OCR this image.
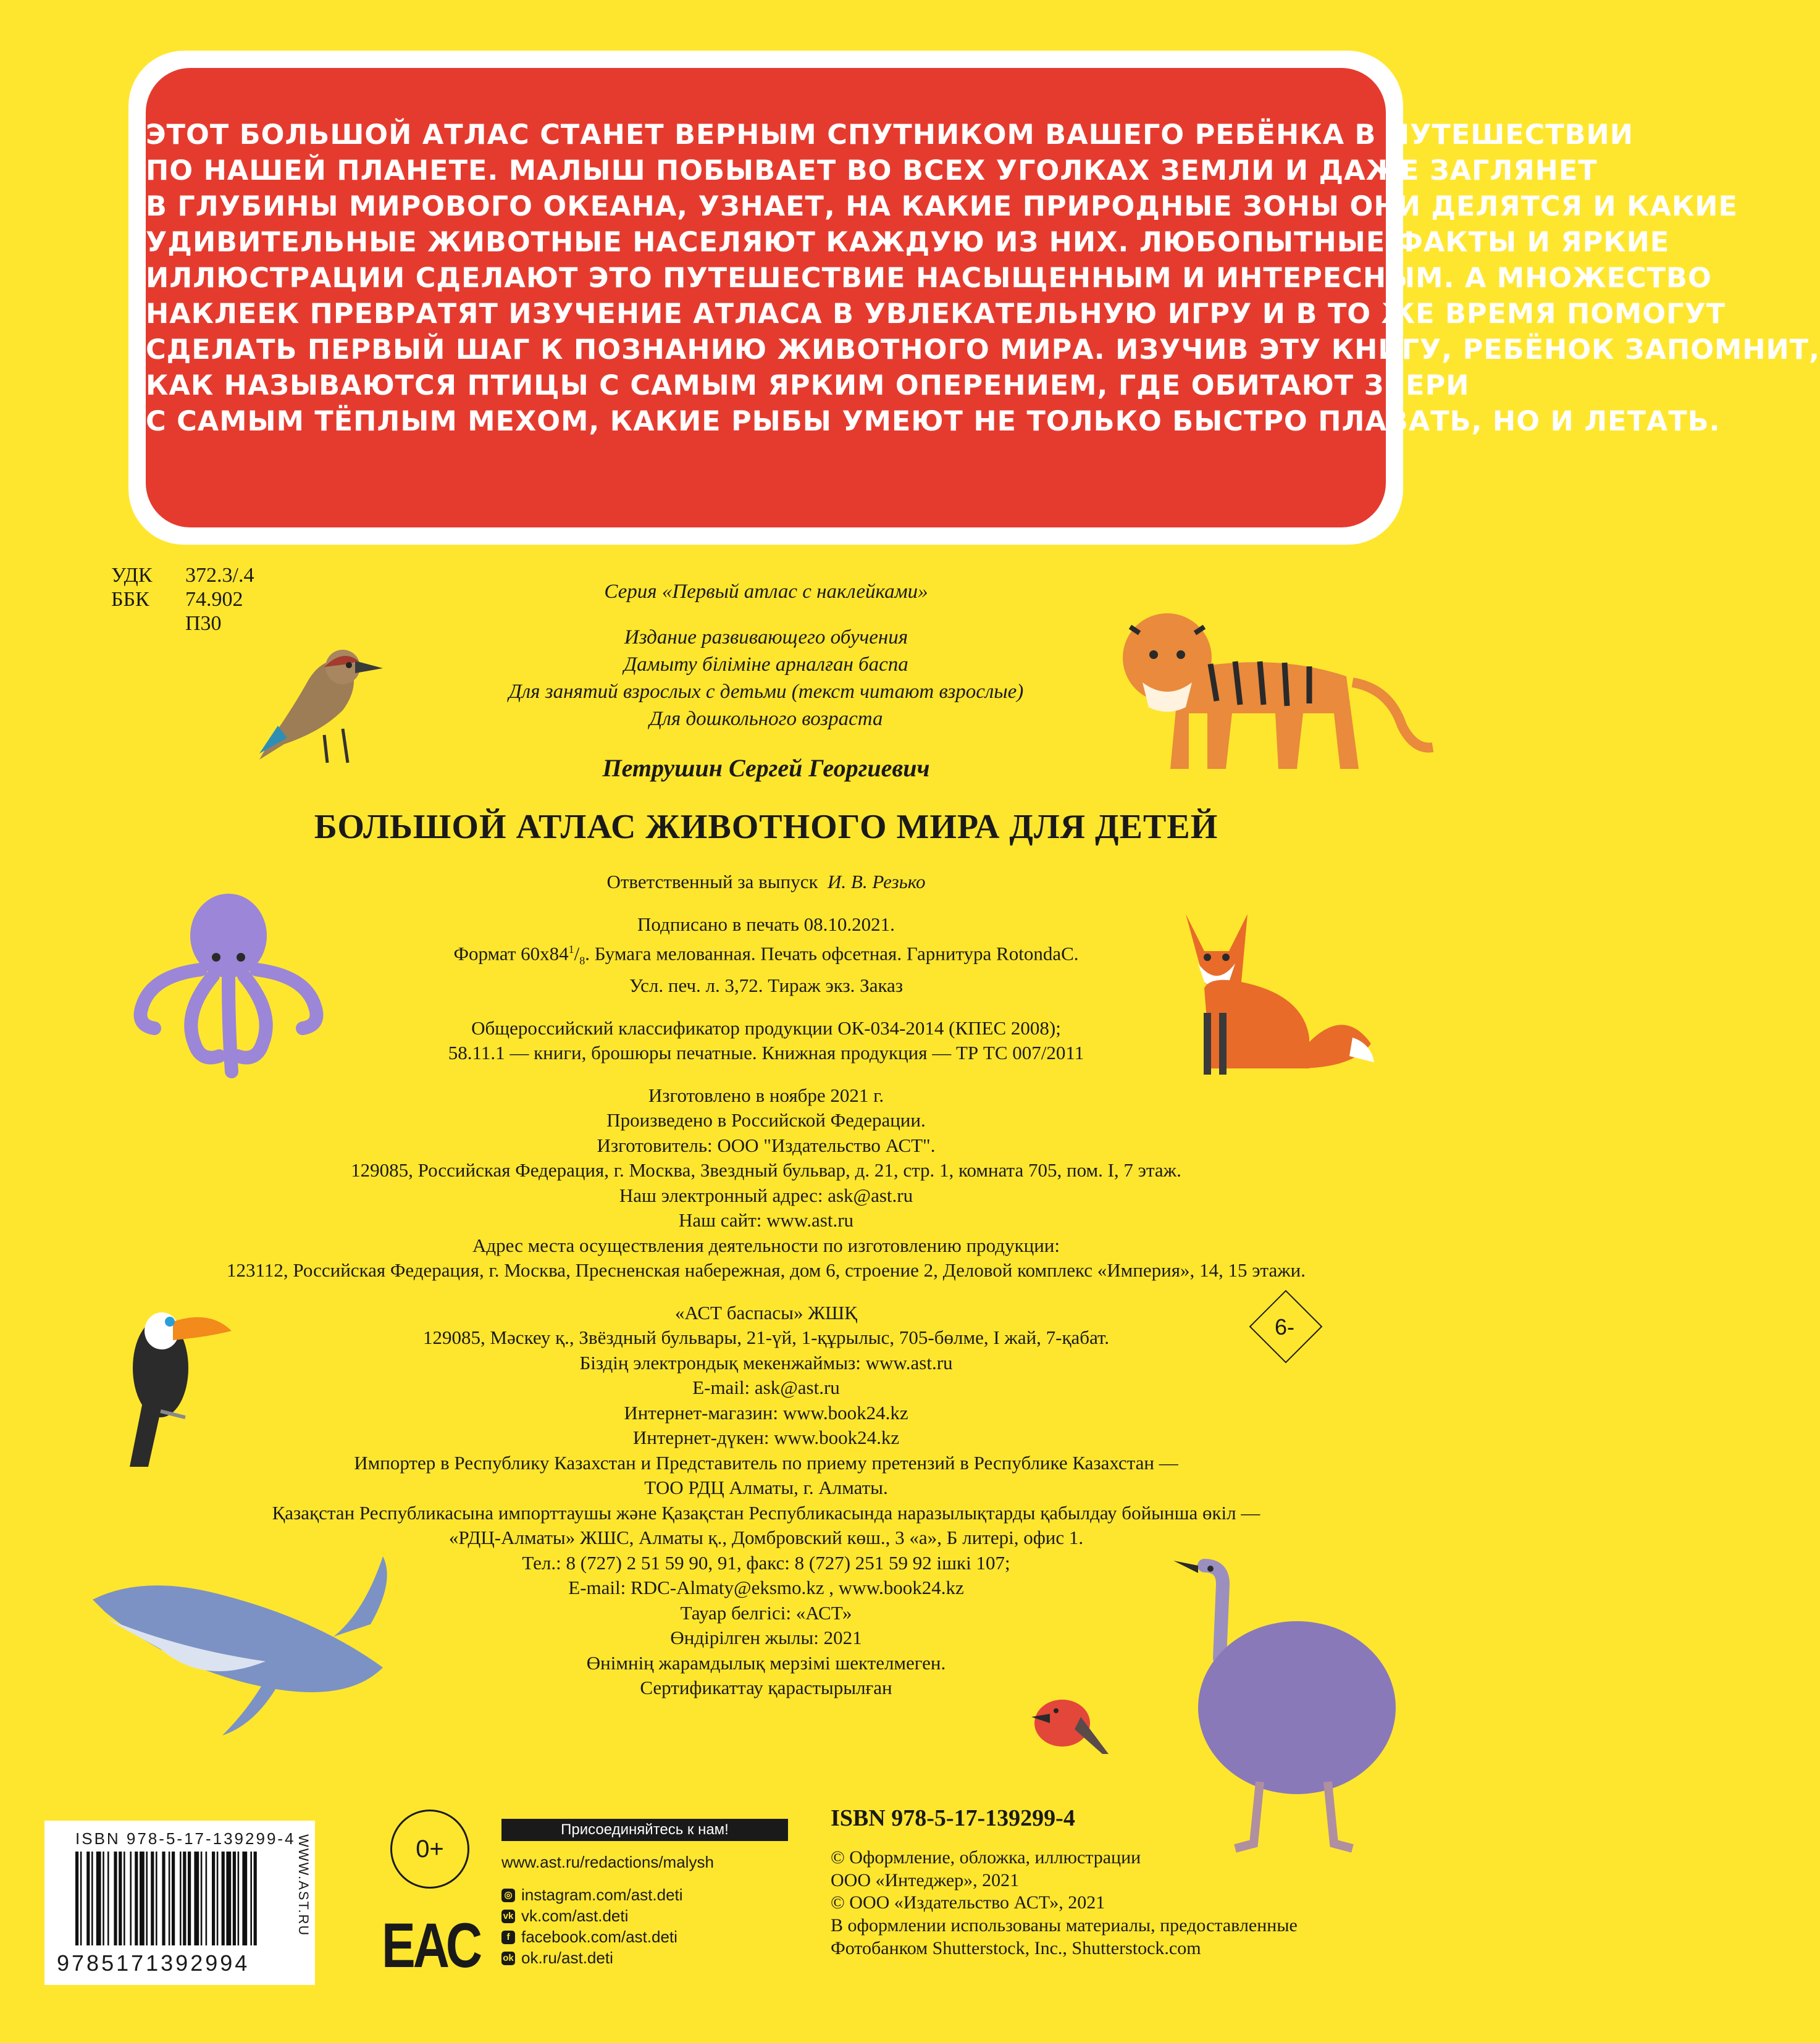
ЭТОТ БОЛЬШОЙ АТЛАС СТАНЕТ ВЕРНЫМ СПУТНИКОМ ВАШЕГО РЕБЁНКА В ПУТЕШЕСТВИИ
ПО НАШЕЙ ПЛАНЕТЕ. МАЛЫШ ПОБЫВАЕТ ВО ВСЕХ УГОЛКАХ ЗЕМЛИ И ДАЖЕ ЗАГЛЯНЕТ
В ГЛУБИНЫ МИРОВОГО ОКЕАНА, УЗНАЕТ, НА КАКИЕ ПРИРОДНЫЕ ЗОНЫ ОНИ ДЕЛЯТСЯ И КАКИЕ
УДИВИТЕЛЬНЫЕ ЖИВОТНЫЕ НАСЕЛЯЮТ КАЖДУЮ ИЗ НИХ. ЛЮБОПЫТНЫЕ ФАКТЫ И ЯРКИЕ
ИЛЛЮСТРАЦИИ СДЕЛАЮТ ЭТО ПУТЕШЕСТВИЕ НАСЫЩЕННЫМ И ИНТЕРЕСНЫМ. А МНОЖЕСТВО
НАКЛЕЕК ПРЕВРАТЯТ ИЗУЧЕНИЕ АТЛАСА В УВЛЕКАТЕЛЬНУЮ ИГРУ И В ТО ЖЕ ВРЕМЯ ПОМОГУТ
СДЕЛАТЬ ПЕРВЫЙ ШАГ К ПОЗНАНИЮ ЖИВОТНОГО МИРА. ИЗУЧИВ ЭТУ КНИГУ, РЕБЁНОК ЗАПОМНИТ,
КАК НАЗЫВАЮТСЯ ПТИЦЫ С САМЫМ ЯРКИМ ОПЕРЕНИЕМ, ГДЕ ОБИТАЮТ ЗВЕРИ
С САМЫМ ТЁПЛЫМ МЕХОМ, КАКИЕ РЫБЫ УМЕЮТ НЕ ТОЛЬКО БЫСТРО ПЛАВАТЬ, НО И ЛЕТАТЬ.
УДК 372.3/.4
ББК 74.902
П30
Серия «Первый атлас с наклейками»
Издание развивающего обучения
Дамыту біліміне арналған баспа
Для занятий взрослых с детьми (текст читают взрослые)
Для дошкольного возраста
Петрушин Сергей Георгиевич
БОЛЬШОЙ АТЛАС ЖИВОТНОГО МИРА ДЛЯ ДЕТЕЙ
Ответственный за выпуск И. В. Резько
Подписано в печать 08.10.2021.
Формат $60х84^1/_8$. Бумага мелованная. Печать офсетная. Гарнитура RotondaC.
Усл. печ. л. 3,72. Тираж экз. Заказ
Общероссийский классификатор продукции ОК-034-2014 (КПЕС 2008);
58.11.1 — книги, брошюры печатные. Книжная продукция — ТР ТС 007/2011
Изготовлено в ноябре 2021 г.
Произведено в Российской Федерации.
Изготовитель: ООО "Издательство АСТ".
129085, Российская Федерация, г. Москва, Звездный бульвар, д. 21, стр. 1, комната 705, пом. I, 7 этаж.
Наш электронный адрес: ask@ast.ru
Наш сайт: www.ast.ru
Адрес места осуществления деятельности по изготовлению продукции:
123112, Российская Федерация, г. Москва, Пресненская набережная, дом 6, строение 2, Деловой комплекс «Империя», 14, 15 этажи.
«АСТ баспасы» ЖШҚ
129085, Мәскеу қ., Звёздный бульвары, 21-үй, 1-құрылыс, 705-бөлме, I жай, 7-қабат.
Біздің электрондық мекенжаймыз: www.ast.ru
E-mail: ask@ast.ru
Интернет-магазин: www.book24.kz
Интернет-дүкен: www.book24.kz
Импортер в Республику Казахстан и Представитель по приему претензий в Республике Казахстан —
ТОО РДЦ Алматы, г. Алматы.
Қазақстан Республикасына импорттаушы және Қазақстан Республикасында наразылықтарды қабылдау бойынша өкіл —
«РДЦ-Алматы» ЖШС, Алматы қ., Домбровский көш., 3 «а», Б литері, офис 1.
Тел.: 8 (727) 2 51 59 90, 91, факс: 8 (727) 251 59 92 ішкі 107;
E-mail: RDC-Almaty@eksmo.kz , www.book24.kz
Тауар белгісі: «АСТ»
Өндірілген жылы: 2021
Өнімнің жарамдылық мерзімі шектелмеген.
Сертификаттау қарастырылған
6-
ISBN 978-5-17-139299-4
9785171392994
WWW.AST.RU	0+
ЕАС
Присоединяйтесь к нам!
www.ast.ru/redactions/malysh
◎ instagram.com/ast.deti
vk vk.com/ast.deti
f facebook.com/ast.deti
ok ok.ru/ast.deti
ISBN 978-5-17-139299-4
© Оформление, обложка, иллюстрации
ООО «Интеджер», 2021
© ООО «Издательство АСТ», 2021
В оформлении использованы материалы, предоставленные
Фотобанком Shutterstock, Inc., Shutterstock.com
